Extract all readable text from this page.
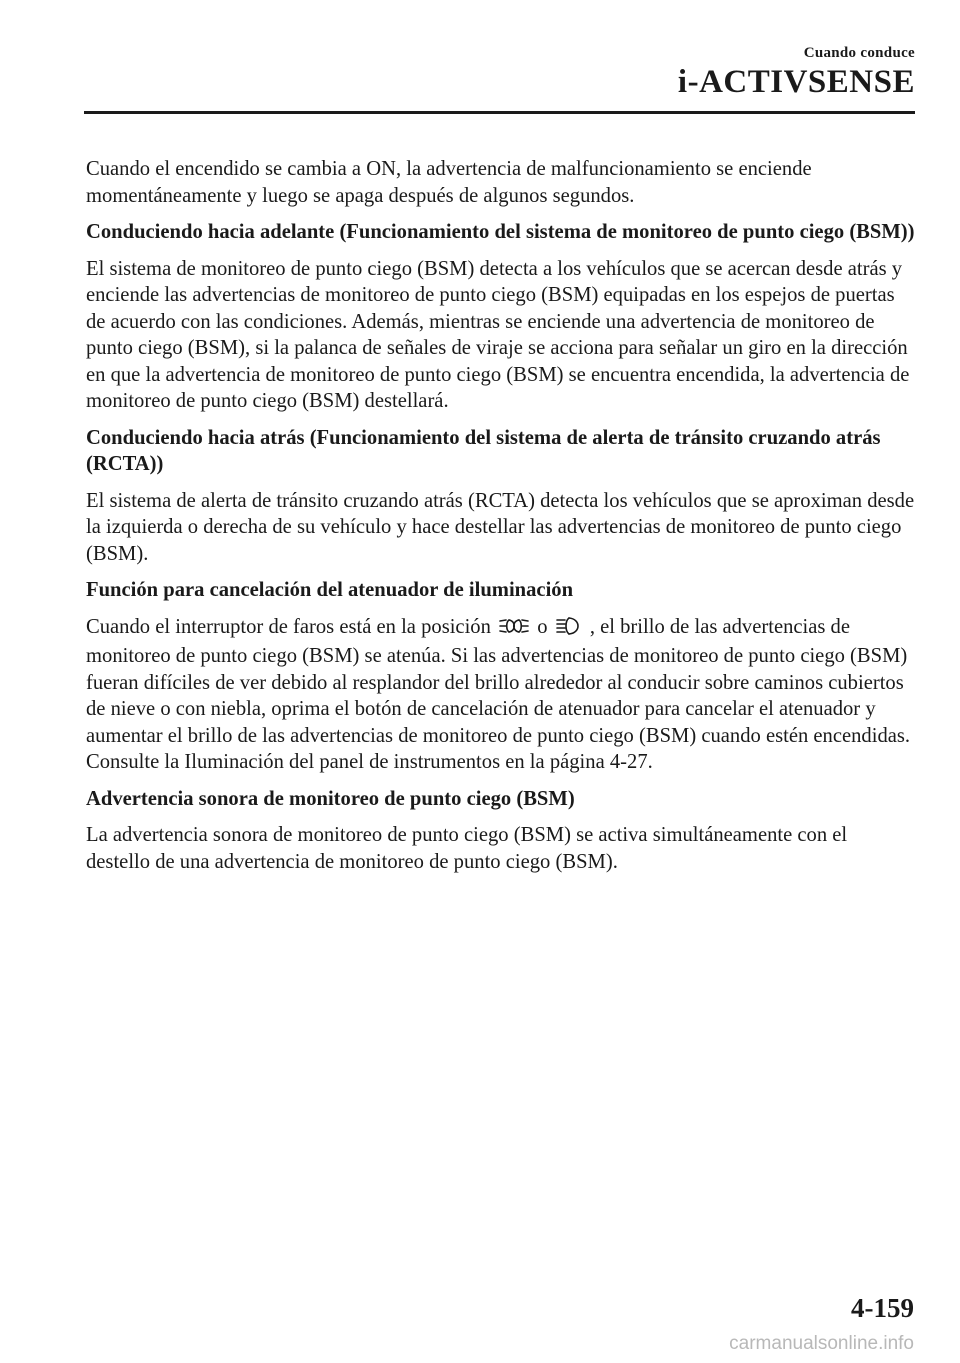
Cuando conduce
i-ACTIVSENSE

Cuando el encendido se cambia a ON, la advertencia de malfuncionamiento se enciende momentáneamente y luego se apaga después de algunos segundos.

Conduciendo hacia adelante (Funcionamiento del sistema de monitoreo de punto ciego (BSM))

El sistema de monitoreo de punto ciego (BSM) detecta a los vehículos que se acercan desde atrás y enciende las advertencias de monitoreo de punto ciego (BSM) equipadas en los espejos de puertas de acuerdo con las condiciones. Además, mientras se enciende una advertencia de monitoreo de punto ciego (BSM), si la palanca de señales de viraje se acciona para señalar un giro en la dirección en que la advertencia de monitoreo de punto ciego (BSM) se encuentra encendida, la advertencia de monitoreo de punto ciego (BSM) destellará.

Conduciendo hacia atrás (Funcionamiento del sistema de alerta de tránsito cruzando atrás (RCTA))

El sistema de alerta de tránsito cruzando atrás (RCTA) detecta los vehículos que se aproximan desde la izquierda o derecha de su vehículo y hace destellar las advertencias de monitoreo de punto ciego (BSM).

Función para cancelación del atenuador de iluminación

Cuando el interruptor de faros está en la posición o , el brillo de las advertencias de monitoreo de punto ciego (BSM) se atenúa. Si las advertencias de monitoreo de punto ciego (BSM) fueran difíciles de ver debido al resplandor del brillo alrededor al conducir sobre caminos cubiertos de nieve o con niebla, oprima el botón de cancelación de atenuador para cancelar el atenuador y aumentar el brillo de las advertencias de monitoreo de punto ciego (BSM) cuando estén encendidas.

Consulte la Iluminación del panel de instrumentos en la página 4-27.

Advertencia sonora de monitoreo de punto ciego (BSM)

La advertencia sonora de monitoreo de punto ciego (BSM) se activa simultáneamente con el destello de una advertencia de monitoreo de punto ciego (BSM).

4-159
carmanualsonline.info
